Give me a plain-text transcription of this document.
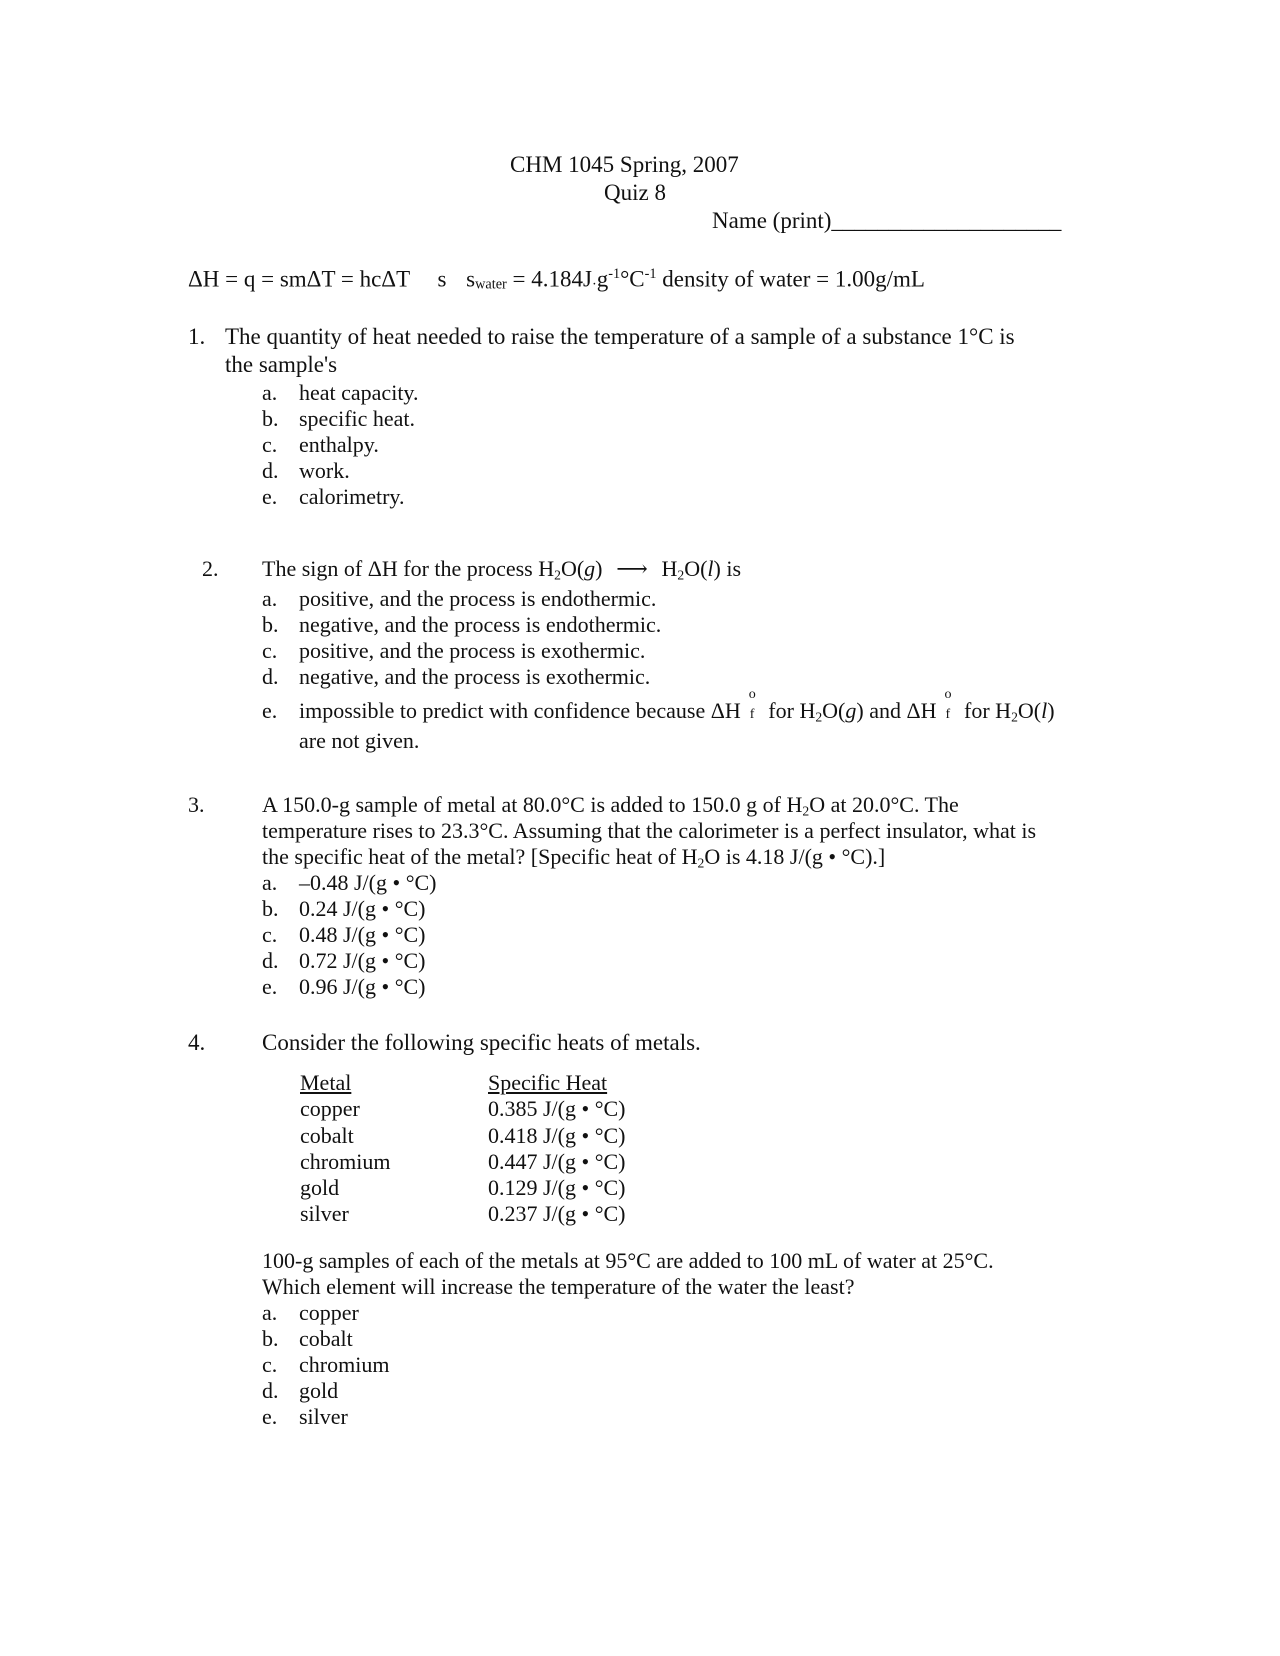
CHM 1045 Spring, 2007
Quiz 8
Name (print)____________________
ΔH = q = smΔT = hcΔT s swater = $4.184J\cdot g^{-1}^\circ C^{-1}$ density of water = 1.00g/mL
1. The quantity of heat needed to raise the temperature of a sample of a substance 1°C is
the sample's
a. heat capacity.
b. specific heat.
c. enthalpy.
d. work.
e. calorimetry.
2. The sign of ΔH for the process $H_2O(g)$ ⟶ $H_2O(l)$ is
a. positive, and the process is endothermic.
b. negative, and the process is endothermic.
c. positive, and the process is exothermic.
d. negative, and the process is exothermic.
e. impossible to predict with confidence because ΔH
o
f for $H_2O(g)$ and ΔH
o
f for $H_2O(l)$
are not given.
3.	A 150.0-g sample of metal at 80.0°C is added to 150.0 g of $H_2O$ at 20.0°C. The
temperature rises to 23.3°C. Assuming that the calorimeter is a perfect insulator, what is
the specific heat of the metal? [Specific heat of $H_2O$ is 4.18 J/(g • °C).]
a. –0.48 J/(g • °C)
b. 0.24 J/(g • °C)
c. 0.48 J/(g • °C)
d. 0.72 J/(g • °C)
e. 0.96 J/(g • °C)
4. Consider the following specific heats of metals.
Metal
copper
cobalt
chromium
gold
silver
Specific Heat
0.385 J/(g • °C)
0.418 J/(g • °C)
0.447 J/(g • °C)
0.129 J/(g • °C)
0.237 J/(g • °C)
100-g samples of each of the metals at 95°C are added to 100 mL of water at 25°C.
Which element will increase the temperature of the water the least?
a. copper
b. cobalt
c. chromium
d. gold
e. silver
